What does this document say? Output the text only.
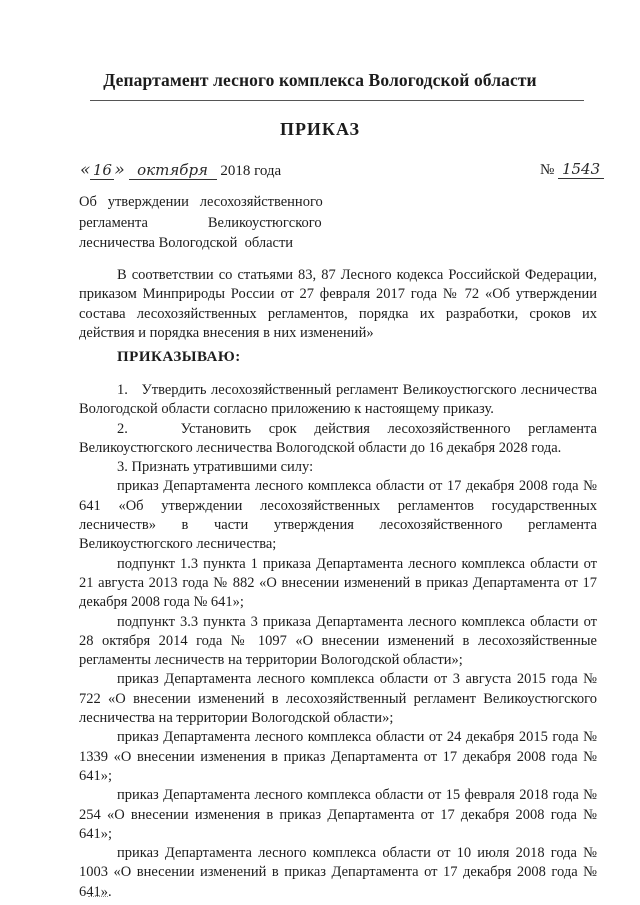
Департамент лесного комплекса Вологодской области
ПРИКАЗ
« 16 » октября 2018 года	№ 1543
Об   утверждении   лесохозяйственного
регламента	Великоустюгского
лесничества Вологодской  области

В соответствии со статьями 83, 87 Лесного кодекса Российской Федерации, приказом Минприроды России от 27 февраля 2017 года № 72 «Об утверждении состава лесохозяйственных регламентов, порядка их разработки, сроков их действия и порядка внесения в них изменений»

ПРИКАЗЫВАЮ:

1.   Утвердить лесохозяйственный регламент Великоустюгского лесничества Вологодской области согласно приложению к настоящему приказу.

2.   Установить срок действия лесохозяйственного регламента Великоустюгского лесничества Вологодской области до 16 декабря 2028 года.

3. Признать утратившими силу:

приказ Департамента лесного комплекса области от 17 декабря 2008 года № 641 «Об утверждении лесохозяйственных регламентов государственных лесничеств» в части утверждения лесохозяйственного регламента Великоустюгского лесничества;

подпункт 1.3 пункта 1 приказа Департамента лесного комплекса области от 21 августа 2013 года № 882 «О внесении изменений в приказ Департамента от 17 декабря 2008 года № 641»;

подпункт 3.3 пункта 3 приказа Департамента лесного комплекса области от 28 октября 2014 года № 1097 «О внесении изменений в лесохозяйственные регламенты лесничеств на территории Вологодской области»;

приказ Департамента лесного комплекса области от 3 августа 2015 года № 722 «О внесении изменений в лесохозяйственный регламент Великоустюгского лесничества на территории Вологодской области»;

приказ Департамента лесного комплекса области от 24 декабря 2015 года № 1339 «О внесении изменения в приказ Департамента от 17 декабря 2008 года № 641»;

приказ Департамента лесного комплекса области от 15 февраля 2018 года № 254 «О внесении изменения в приказ Департамента от 17 декабря 2008 года № 641»;

приказ Департамента лесного комплекса области от 10 июля 2018 года № 1003 «О внесении изменений в приказ Департамента от 17 декабря 2008 года № 641».
